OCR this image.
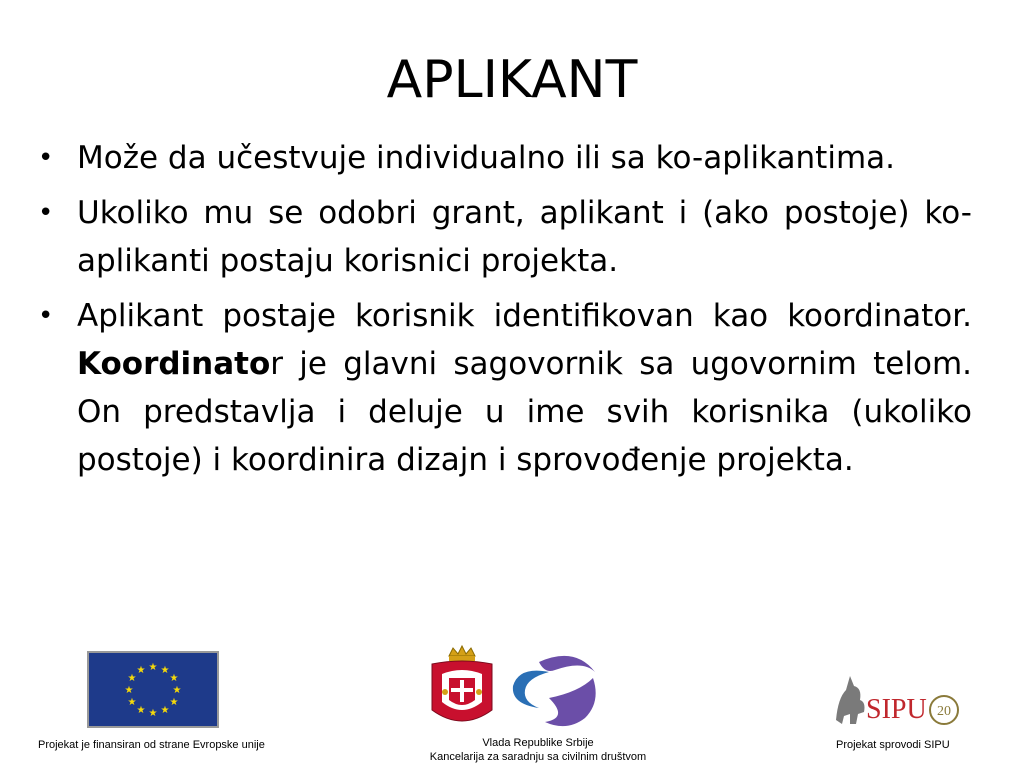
APLIKANT
• Može da učestvuje individualno ili sa ko-aplikantima.
• Ukoliko mu se odobri grant, aplikant i (ako postoje) ko-aplikanti postaju korisnici projekta.
• Aplikant postaje korisnik identifikovan kao koordinator. Koordinator je glavni sagovornik sa ugovornim telom. On predstavlja i deluje u ime svih korisnika (ukoliko postoje) i koordinira dizajn i sprovođenje projekta.
★ ★
★
★
★
★
★
★
★
★
★
★
SIPU 20
Projekat je finansiran od strane Evropske unije	Vlada Republike Srbije
Kancelarija za saradnju sa civilnim društvom
Projekat sprovodi SIPU
